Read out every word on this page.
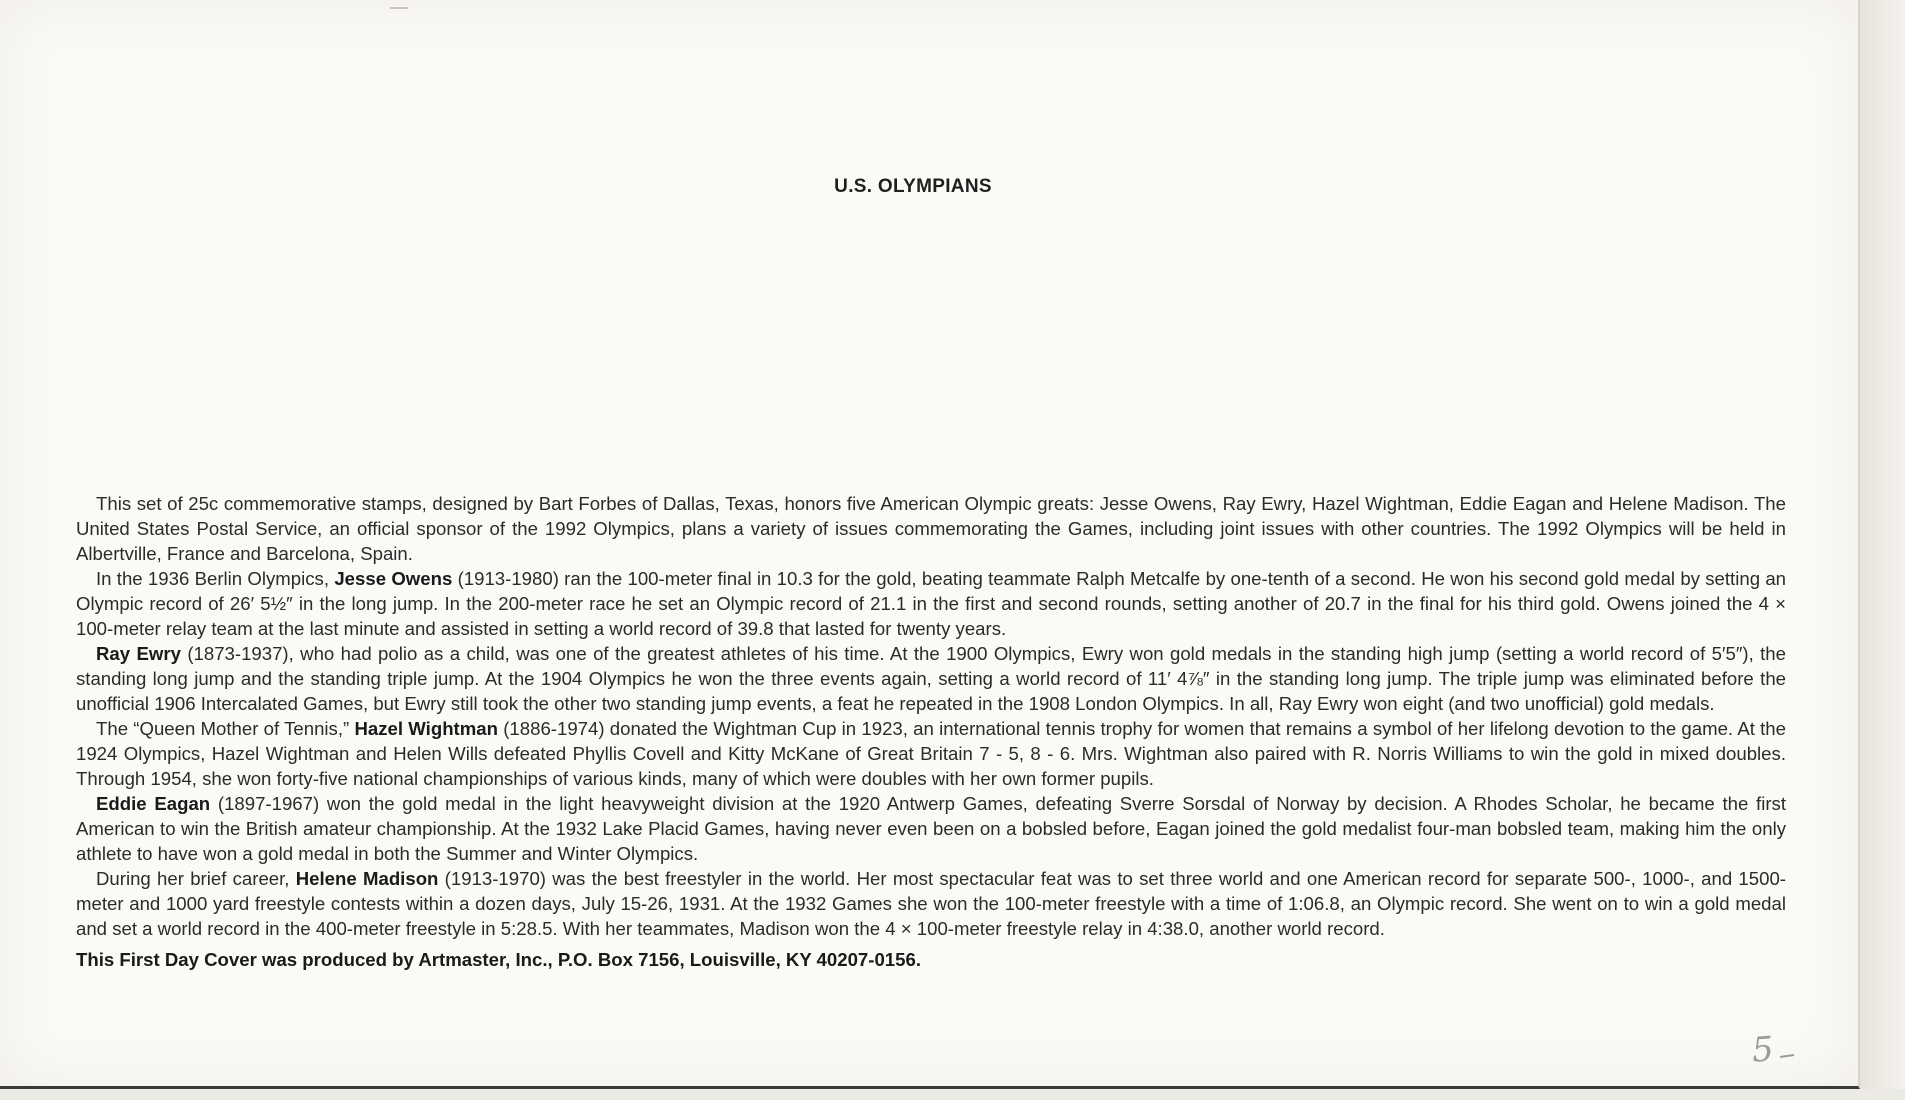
U.S. OLYMPIANS

This set of 25c commemorative stamps, designed by Bart Forbes of Dallas, Texas, honors five American Olympic greats: Jesse Owens, Ray Ewry, Hazel Wightman, Eddie Eagan and Helene Madison. The United States Postal Service, an official sponsor of the 1992 Olympics, plans a variety of issues commemorating the Games, including joint issues with other countries. The 1992 Olympics will be held in Albertville, France and Barcelona, Spain.

In the 1936 Berlin Olympics, Jesse Owens (1913-1980) ran the 100-meter final in 10.3 for the gold, beating teammate Ralph Metcalfe by one-tenth of a second. He won his second gold medal by setting an Olympic record of 26′ 5½″ in the long jump. In the 200-meter race he set an Olympic record of 21.1 in the first and second rounds, setting another of 20.7 in the final for his third gold. Owens joined the 4 × 100-meter relay team at the last minute and assisted in setting a world record of 39.8 that lasted for twenty years.

Ray Ewry (1873-1937), who had polio as a child, was one of the greatest athletes of his time. At the 1900 Olympics, Ewry won gold medals in the standing high jump (setting a world record of 5′5″), the standing long jump and the standing triple jump. At the 1904 Olympics he won the three events again, setting a world record of 11′ 4⅞″ in the standing long jump. The triple jump was eliminated before the unofficial 1906 Intercalated Games, but Ewry still took the other two standing jump events, a feat he repeated in the 1908 London Olympics. In all, Ray Ewry won eight (and two unofficial) gold medals.

The “Queen Mother of Tennis,” Hazel Wightman (1886-1974) donated the Wightman Cup in 1923, an international tennis trophy for women that remains a symbol of her lifelong devotion to the game. At the 1924 Olympics, Hazel Wightman and Helen Wills defeated Phyllis Covell and Kitty McKane of Great Britain 7 - 5, 8 - 6. Mrs. Wightman also paired with R. Norris Williams to win the gold in mixed doubles. Through 1954, she won forty-five national championships of various kinds, many of which were doubles with her own former pupils.

Eddie Eagan (1897-1967) won the gold medal in the light heavyweight division at the 1920 Antwerp Games, defeating Sverre Sorsdal of Norway by decision. A Rhodes Scholar, he became the first American to win the British amateur championship. At the 1932 Lake Placid Games, having never even been on a bobsled before, Eagan joined the gold medalist four-man bobsled team, making him the only athlete to have won a gold medal in both the Summer and Winter Olympics.

During her brief career, Helene Madison (1913-1970) was the best freestyler in the world. Her most spectacular feat was to set three world and one American record for separate 500-, 1000-, and 1500-meter and 1000 yard freestyle contests within a dozen days, July 15-26, 1931. At the 1932 Games she won the 100-meter freestyle with a time of 1:06.8, an Olympic record. She went on to win a gold medal and set a world record in the 400-meter freestyle in 5:28.5. With her teammates, Madison won the 4 × 100-meter freestyle relay in 4:38.0, another world record.

This First Day Cover was produced by Artmaster, Inc., P.O. Box 7156, Louisville, KY 40207-0156.

5
